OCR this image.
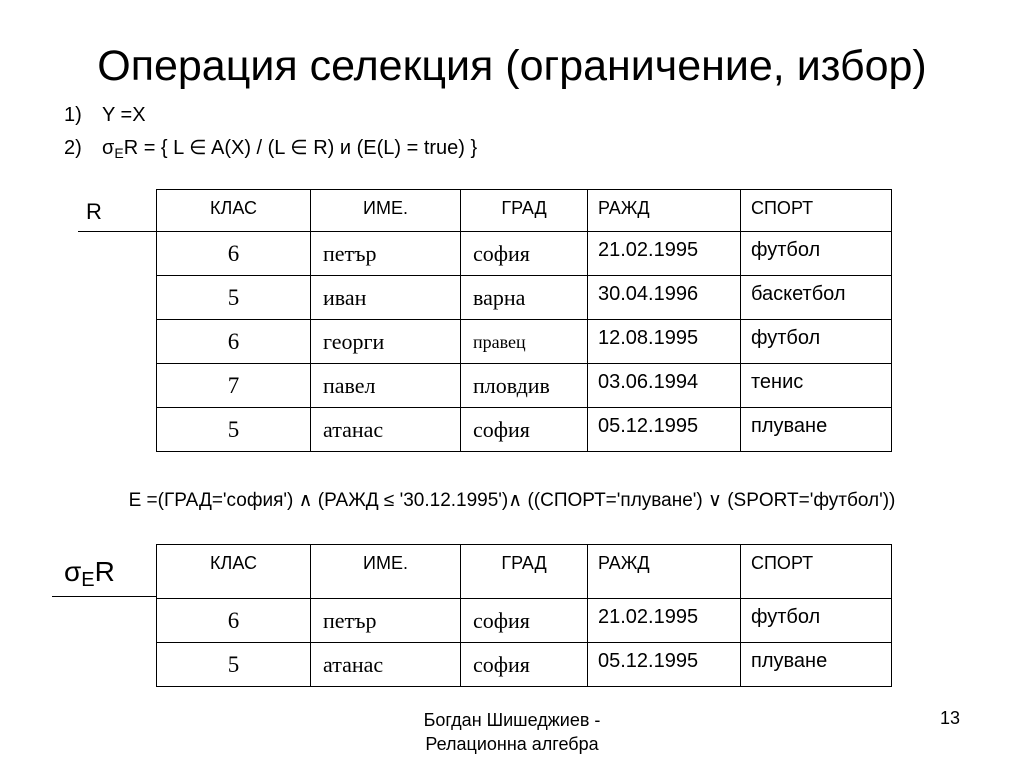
Операция селекция (ограничение, избор)
1) Y =X
2) $\sigma_ER$ = { L ∈ A(X) / (L ∈ R) и (E(L) = true) }
R	КЛАС	ИМЕ.	ГРАД	РАЖД	СПОРТ
6	петър	софия	21.02.1995	футбол
5	иван	варна	30.04.1996	баскетбол
6	георги	правец	12.08.1995	футбол
7	павел	пловдив	03.06.1994	тенис
5	атанас	софия	05.12.1995	плуване
E =(ГРАД='софия') ∧ (РАЖД ≤ '30.12.1995')∧ ((СПОРТ='плуване') ∨ (SPORT='футбол'))
σER	КЛАС	ИМЕ.	ГРАД	РАЖД	СПОРТ
6	петър	софия	21.02.1995	футбол
5	атанас	софия	05.12.1995	плуване
Богдан Шишеджиев -
Релационна алгебра
13
